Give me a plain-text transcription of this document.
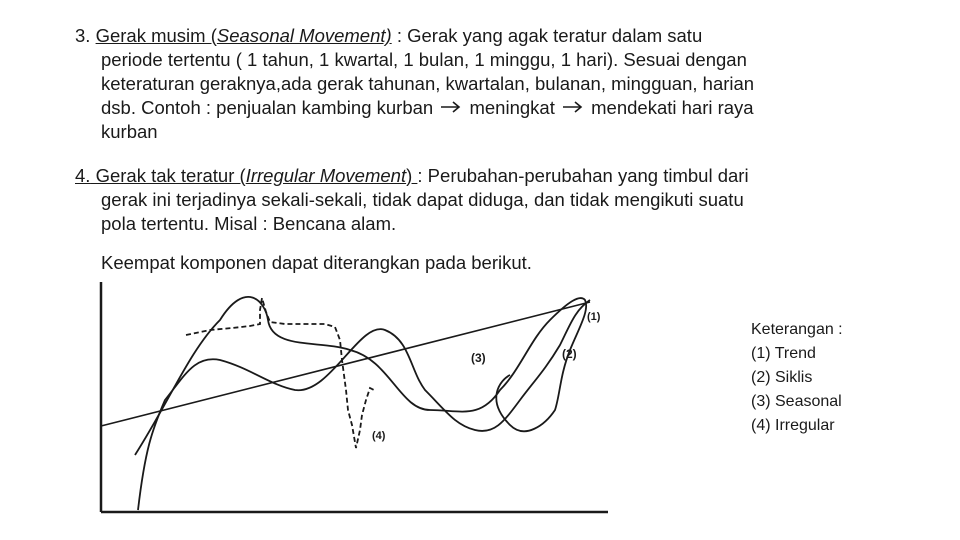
3. Gerak musim (Seasonal Movement) : Gerak yang agak teratur dalam satu
periode tertentu ( 1 tahun, 1 kwartal, 1 bulan, 1 minggu, 1 hari). Sesuai dengan
keteraturan geraknya,ada gerak tahunan, kwartalan, bulanan, mingguan, harian
dsb. Contoh : penjualan kambing kurban meningkat mendekati hari raya
kurban
4. Gerak tak teratur (Irregular Movement) : Perubahan-perubahan yang timbul dari
gerak ini terjadinya sekali-sekali, tidak dapat diduga, dan tidak mengikuti suatu
pola tertentu. Misal : Bencana alam.
Keempat komponen dapat diterangkan pada berikut.
(1)
(2)
(3)
(4)
Keterangan :
(1) Trend
(2) Siklis
(3) Seasonal
(4) Irregular
